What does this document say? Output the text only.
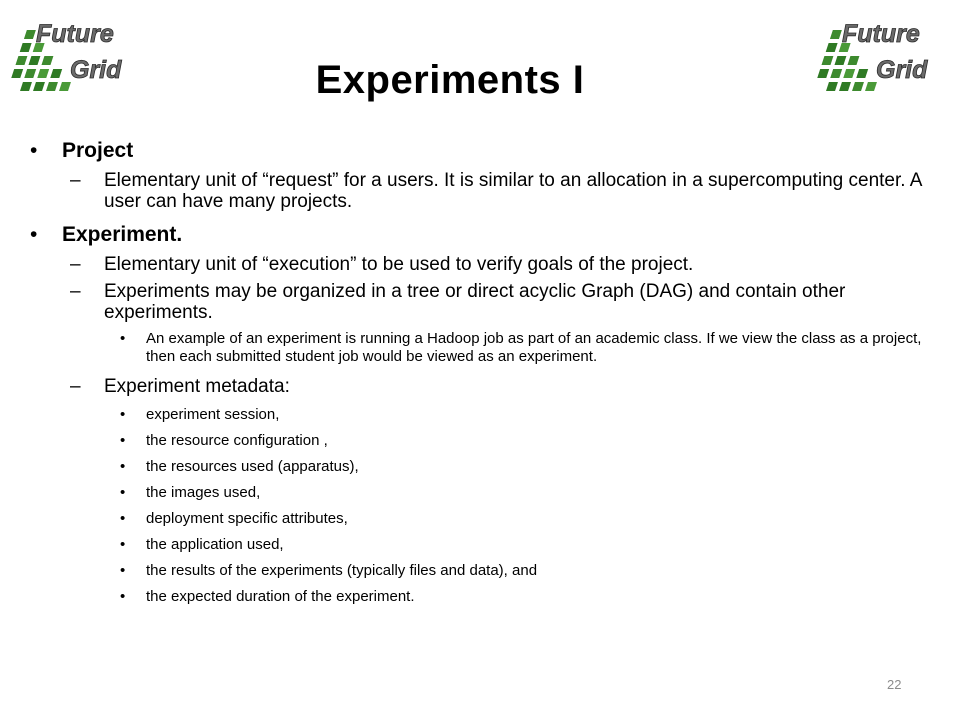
Future
Grid
Future
Grid
Experiments I
• Project
– Elementary unit of “request” for a users. It is similar to an allocation in a supercomputing center. A user can have many projects.
• Experiment.
– Elementary unit of “execution” to be used to verify goals of the project.
– Experiments may be organized in a tree or direct acyclic Graph (DAG) and contain other experiments.
• An example of an experiment is running a Hadoop job as part of an academic class. If we view the class as a project, then each submitted student job would be viewed as an experiment.
– Experiment metadata:
• experiment session,
• the resource configuration ,
• the resources used (apparatus),
• the images used,
• deployment specific attributes,
• the application used,
• the results of the experiments (typically files and data), and
• the expected duration of the experiment.
22
